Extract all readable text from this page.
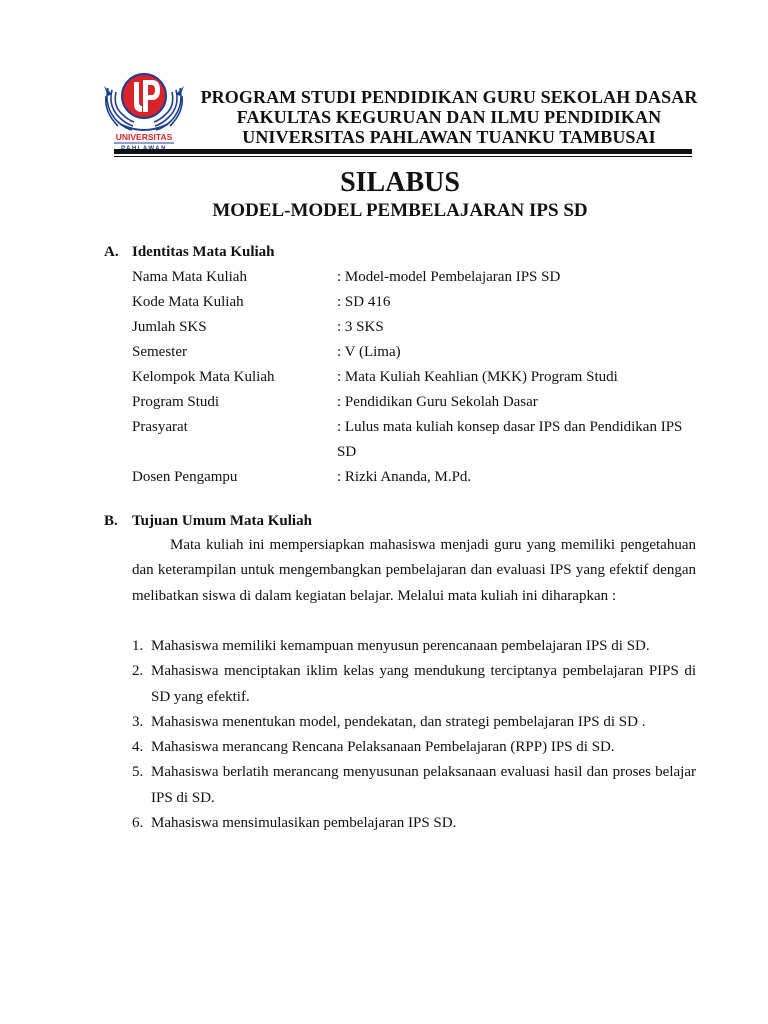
UNIVERSITAS
PROGRAM STUDI PENDIDIKAN GURU SEKOLAH DASAR
FAKULTAS KEGURUAN DAN ILMU PENDIDIKAN
UNIVERSITAS PAHLAWAN TUANKU TAMBUSAI
SILABUS
MODEL-MODEL PEMBELAJARAN IPS SD
A. Identitas Mata Kuliah
Nama Mata Kuliah	: Model-model Pembelajaran IPS SD
Kode Mata Kuliah	: SD 416
Jumlah SKS	: 3 SKS
Semester	: V (Lima)
Kelompok Mata Kuliah	: Mata Kuliah Keahlian (MKK) Program Studi
Program Studi	: Pendidikan Guru Sekolah Dasar
Prasyarat	: Lulus mata kuliah konsep dasar IPS dan Pendidikan IPS SD
Dosen Pengampu	: Rizki Ananda, M.Pd.
B. Tujuan Umum Mata Kuliah
Mata kuliah ini mempersiapkan mahasiswa menjadi guru yang memiliki pengetahuan dan keterampilan untuk mengembangkan pembelajaran dan evaluasi IPS yang efektif dengan melibatkan siswa di dalam kegiatan belajar. Melalui mata kuliah ini diharapkan :
1. Mahasiswa memiliki kemampuan menyusun perencanaan pembelajaran IPS di SD.
2. Mahasiswa menciptakan iklim kelas yang mendukung terciptanya pembelajaran PIPS di SD yang efektif.
3. Mahasiswa menentukan model, pendekatan, dan strategi pembelajaran IPS di SD .
4. Mahasiswa merancang Rencana Pelaksanaan Pembelajaran (RPP) IPS di SD.
5. Mahasiswa berlatih merancang menyusunan pelaksanaan evaluasi hasil dan proses belajar IPS di SD.
6. Mahasiswa mensimulasikan pembelajaran IPS SD.
